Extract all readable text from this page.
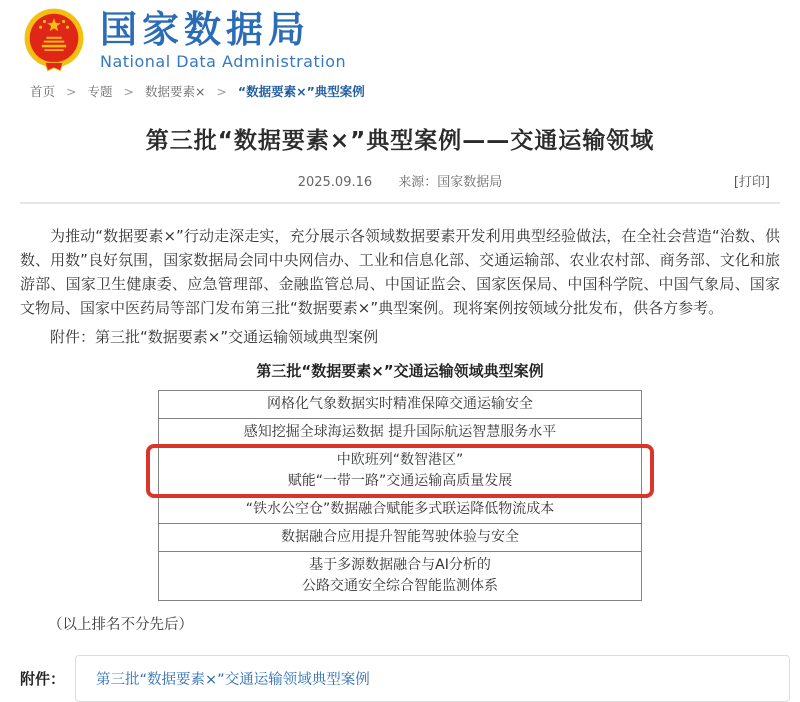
国家数据局
National Data Administration
首页 > 专题 > 数据要素× > “数据要素×”典型案例
第三批“数据要素×”典型案例——交通运输领域
2025.09.16 来源：国家数据局	[打印]

为推动“数据要素×”行动走深走实，充分展示各领域数据要素开发利用典型经验做法，在全社会营造“治数、供数、用数”良好氛围，国家数据局会同中央网信办、工业和信息化部、交通运输部、农业农村部、商务部、文化和旅游部、国家卫生健康委、应急管理部、金融监管总局、中国证监会、国家医保局、中国科学院、中国气象局、国家文物局、国家中医药局等部门发布第三批“数据要素×”典型案例。现将案例按领域分批发布，供各方参考。

附件：第三批“数据要素×”交通运输领域典型案例

第三批“数据要素×”交通运输领域典型案例
网格化气象数据实时精准保障交通运输安全
感知挖掘全球海运数据 提升国际航运智慧服务水平
中欧班列“数智港区”
赋能“一带一路”交通运输高质量发展
“铁水公空仓”数据融合赋能多式联运降低物流成本
数据融合应用提升智能驾驶体验与安全
基于多源数据融合与AI分析的
公路交通安全综合智能监测体系

（以上排名不分先后）

附件： 第三批“数据要素×”交通运输领域典型案例
